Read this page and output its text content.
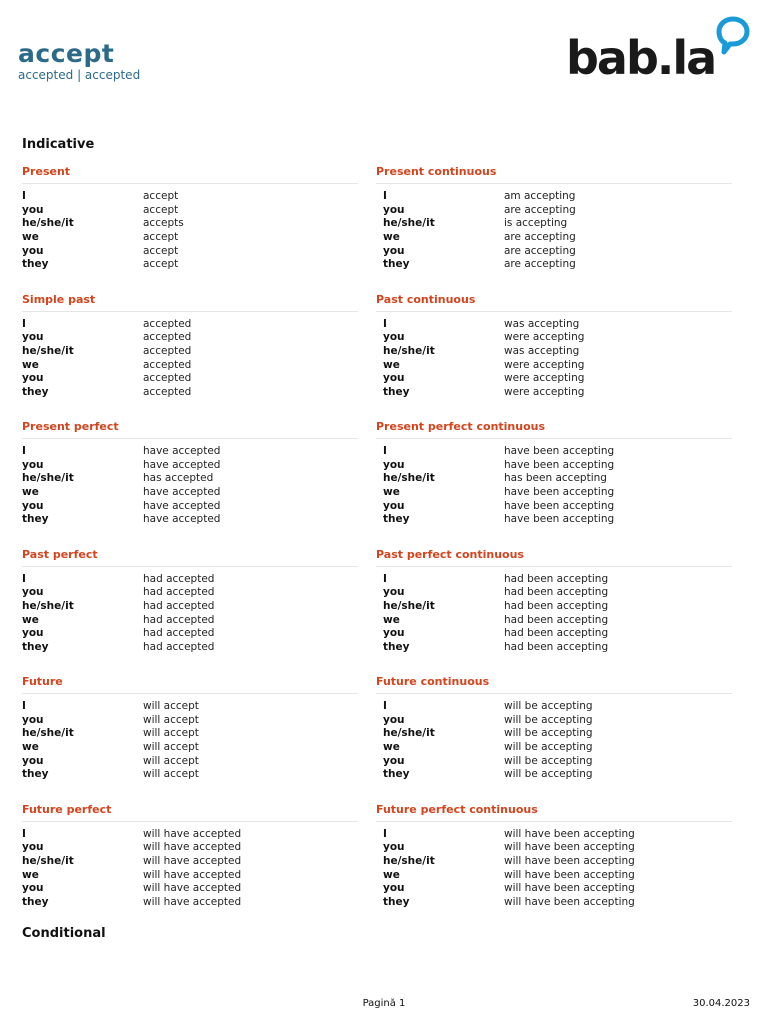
accept
accepted | accepted	bab.la
Indicative
Present
I	accept
you	accept
he/she/it	accepts
we	accept
you	accept
they	accept
Present continuous
I	am accepting
you	are accepting
he/she/it	is accepting
we	are accepting
you	are accepting
they	are accepting
Simple past
I	accepted
you	accepted
he/she/it	accepted
we	accepted
you	accepted
they	accepted
Past continuous
I	was accepting
you	were accepting
he/she/it	was accepting
we	were accepting
you	were accepting
they	were accepting
Present perfect
I	have accepted
you	have accepted
he/she/it	has accepted
we	have accepted
you	have accepted
they	have accepted
Present perfect continuous
I	have been accepting
you	have been accepting
he/she/it	has been accepting
we	have been accepting
you	have been accepting
they	have been accepting
Past perfect
I	had accepted
you	had accepted
he/she/it	had accepted
we	had accepted
you	had accepted
they	had accepted
Past perfect continuous
I	had been accepting
you	had been accepting
he/she/it	had been accepting
we	had been accepting
you	had been accepting
they	had been accepting
Future
I	will accept
you	will accept
he/she/it	will accept
we	will accept
you	will accept
they	will accept
Future continuous
I	will be accepting
you	will be accepting
he/she/it	will be accepting
we	will be accepting
you	will be accepting
they	will be accepting
Future perfect
I	will have accepted
you	will have accepted
he/she/it	will have accepted
we	will have accepted
you	will have accepted
they	will have accepted
Future perfect continuous
I	will have been accepting
you	will have been accepting
he/she/it	will have been accepting
we	will have been accepting
you	will have been accepting
they	will have been accepting
Conditional
Pagină 1	30.04.2023
